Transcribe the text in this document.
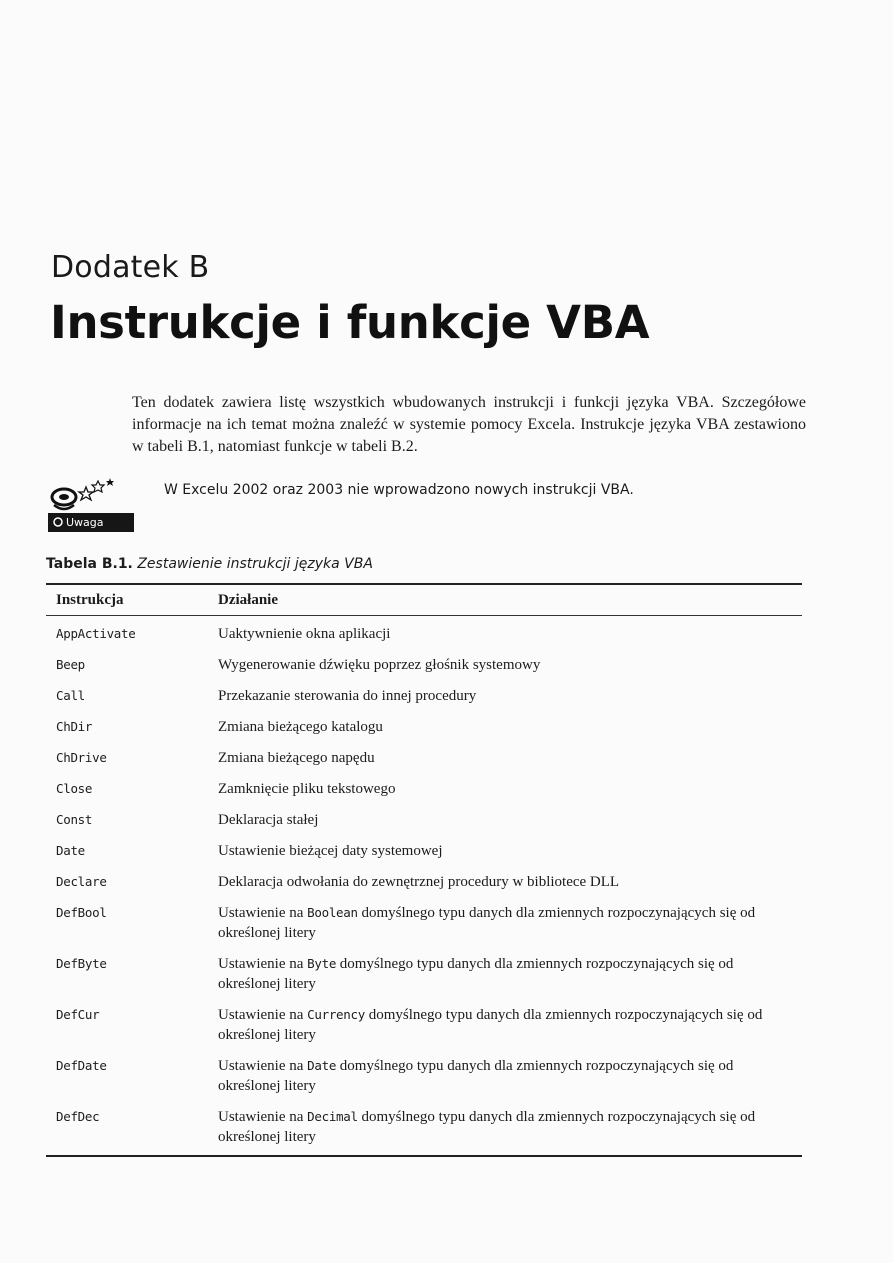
Dodatek B
Instrukcje i funkcje VBA

Ten dodatek zawiera listę wszystkich wbudowanych instrukcji i funkcji języka VBA. Szczegółowe informacje na ich temat można znaleźć w systemie pomocy Excela. Instrukcje języka VBA zestawiono w tabeli B.1, natomiast funkcje w tabeli B.2.

Uwaga
W Excelu 2002 oraz 2003 nie wprowadzono nowych instrukcji VBA.
Tabela B.1. Zestawienie instrukcji języka VBA
Instrukcja	Działanie
AppActivate	Uaktywnienie okna aplikacji
Beep	Wygenerowanie dźwięku poprzez głośnik systemowy
Call	Przekazanie sterowania do innej procedury
ChDir	Zmiana bieżącego katalogu
ChDrive	Zmiana bieżącego napędu
Close	Zamknięcie pliku tekstowego
Const	Deklaracja stałej
Date	Ustawienie bieżącej daty systemowej
Declare	Deklaracja odwołania do zewnętrznej procedury w bibliotece DLL
DefBool	Ustawienie na Boolean domyślnego typu danych dla zmiennych rozpoczynających się od określonej litery
DefByte	Ustawienie na Byte domyślnego typu danych dla zmiennych rozpoczynających się od określonej litery
DefCur	Ustawienie na Currency domyślnego typu danych dla zmiennych rozpoczynających się od określonej litery
DefDate	Ustawienie na Date domyślnego typu danych dla zmiennych rozpoczynających się od określonej litery
DefDec	Ustawienie na Decimal domyślnego typu danych dla zmiennych rozpoczynających się od określonej litery
